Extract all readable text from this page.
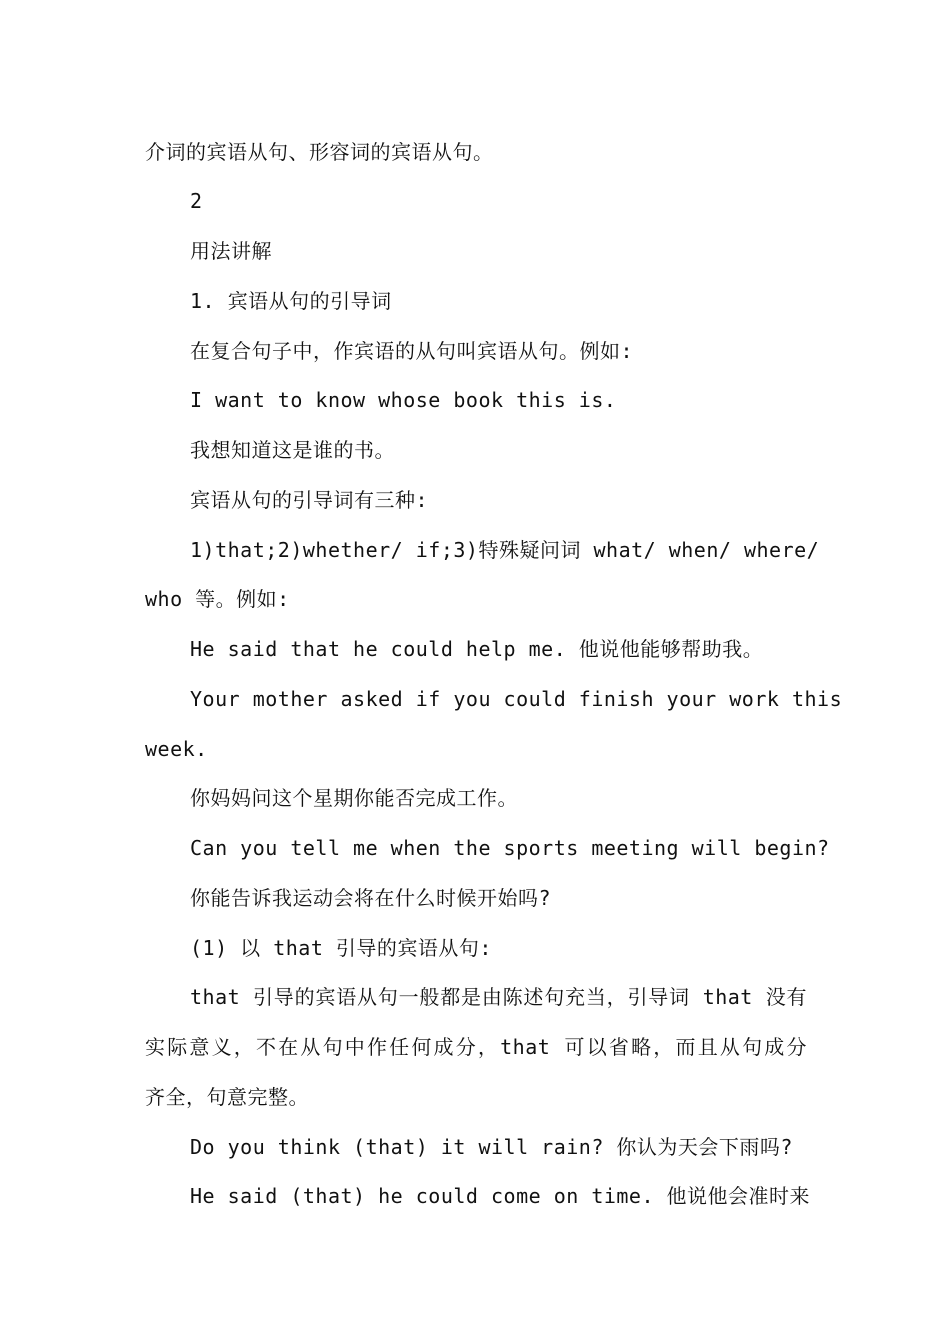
介词的宾语从句、形容词的宾语从句。
2
用法讲解
1. 宾语从句的引导词
在复合句子中，作宾语的从句叫宾语从句。例如:
I want to know whose book this is.
我想知道这是谁的书。
宾语从句的引导词有三种:
1)that;2)whether/ if;3)特殊疑问词 what/ when/ where/
who 等。例如:
He said that he could help me. 他说他能够帮助我。
Your mother asked if you could finish your work this
week.
你妈妈问这个星期你能否完成工作。
Can you tell me when the sports meeting will begin?
你能告诉我运动会将在什么时候开始吗?
(1) 以 that 引导的宾语从句:
that 引导的宾语从句一般都是由陈述句充当，引导词 that 没有
实际意义，不在从句中作任何成分，that 可以省略，而且从句成分
齐全，句意完整。
Do you think (that) it will rain? 你认为天会下雨吗?
He said (that) he could come on time. 他说他会准时来
